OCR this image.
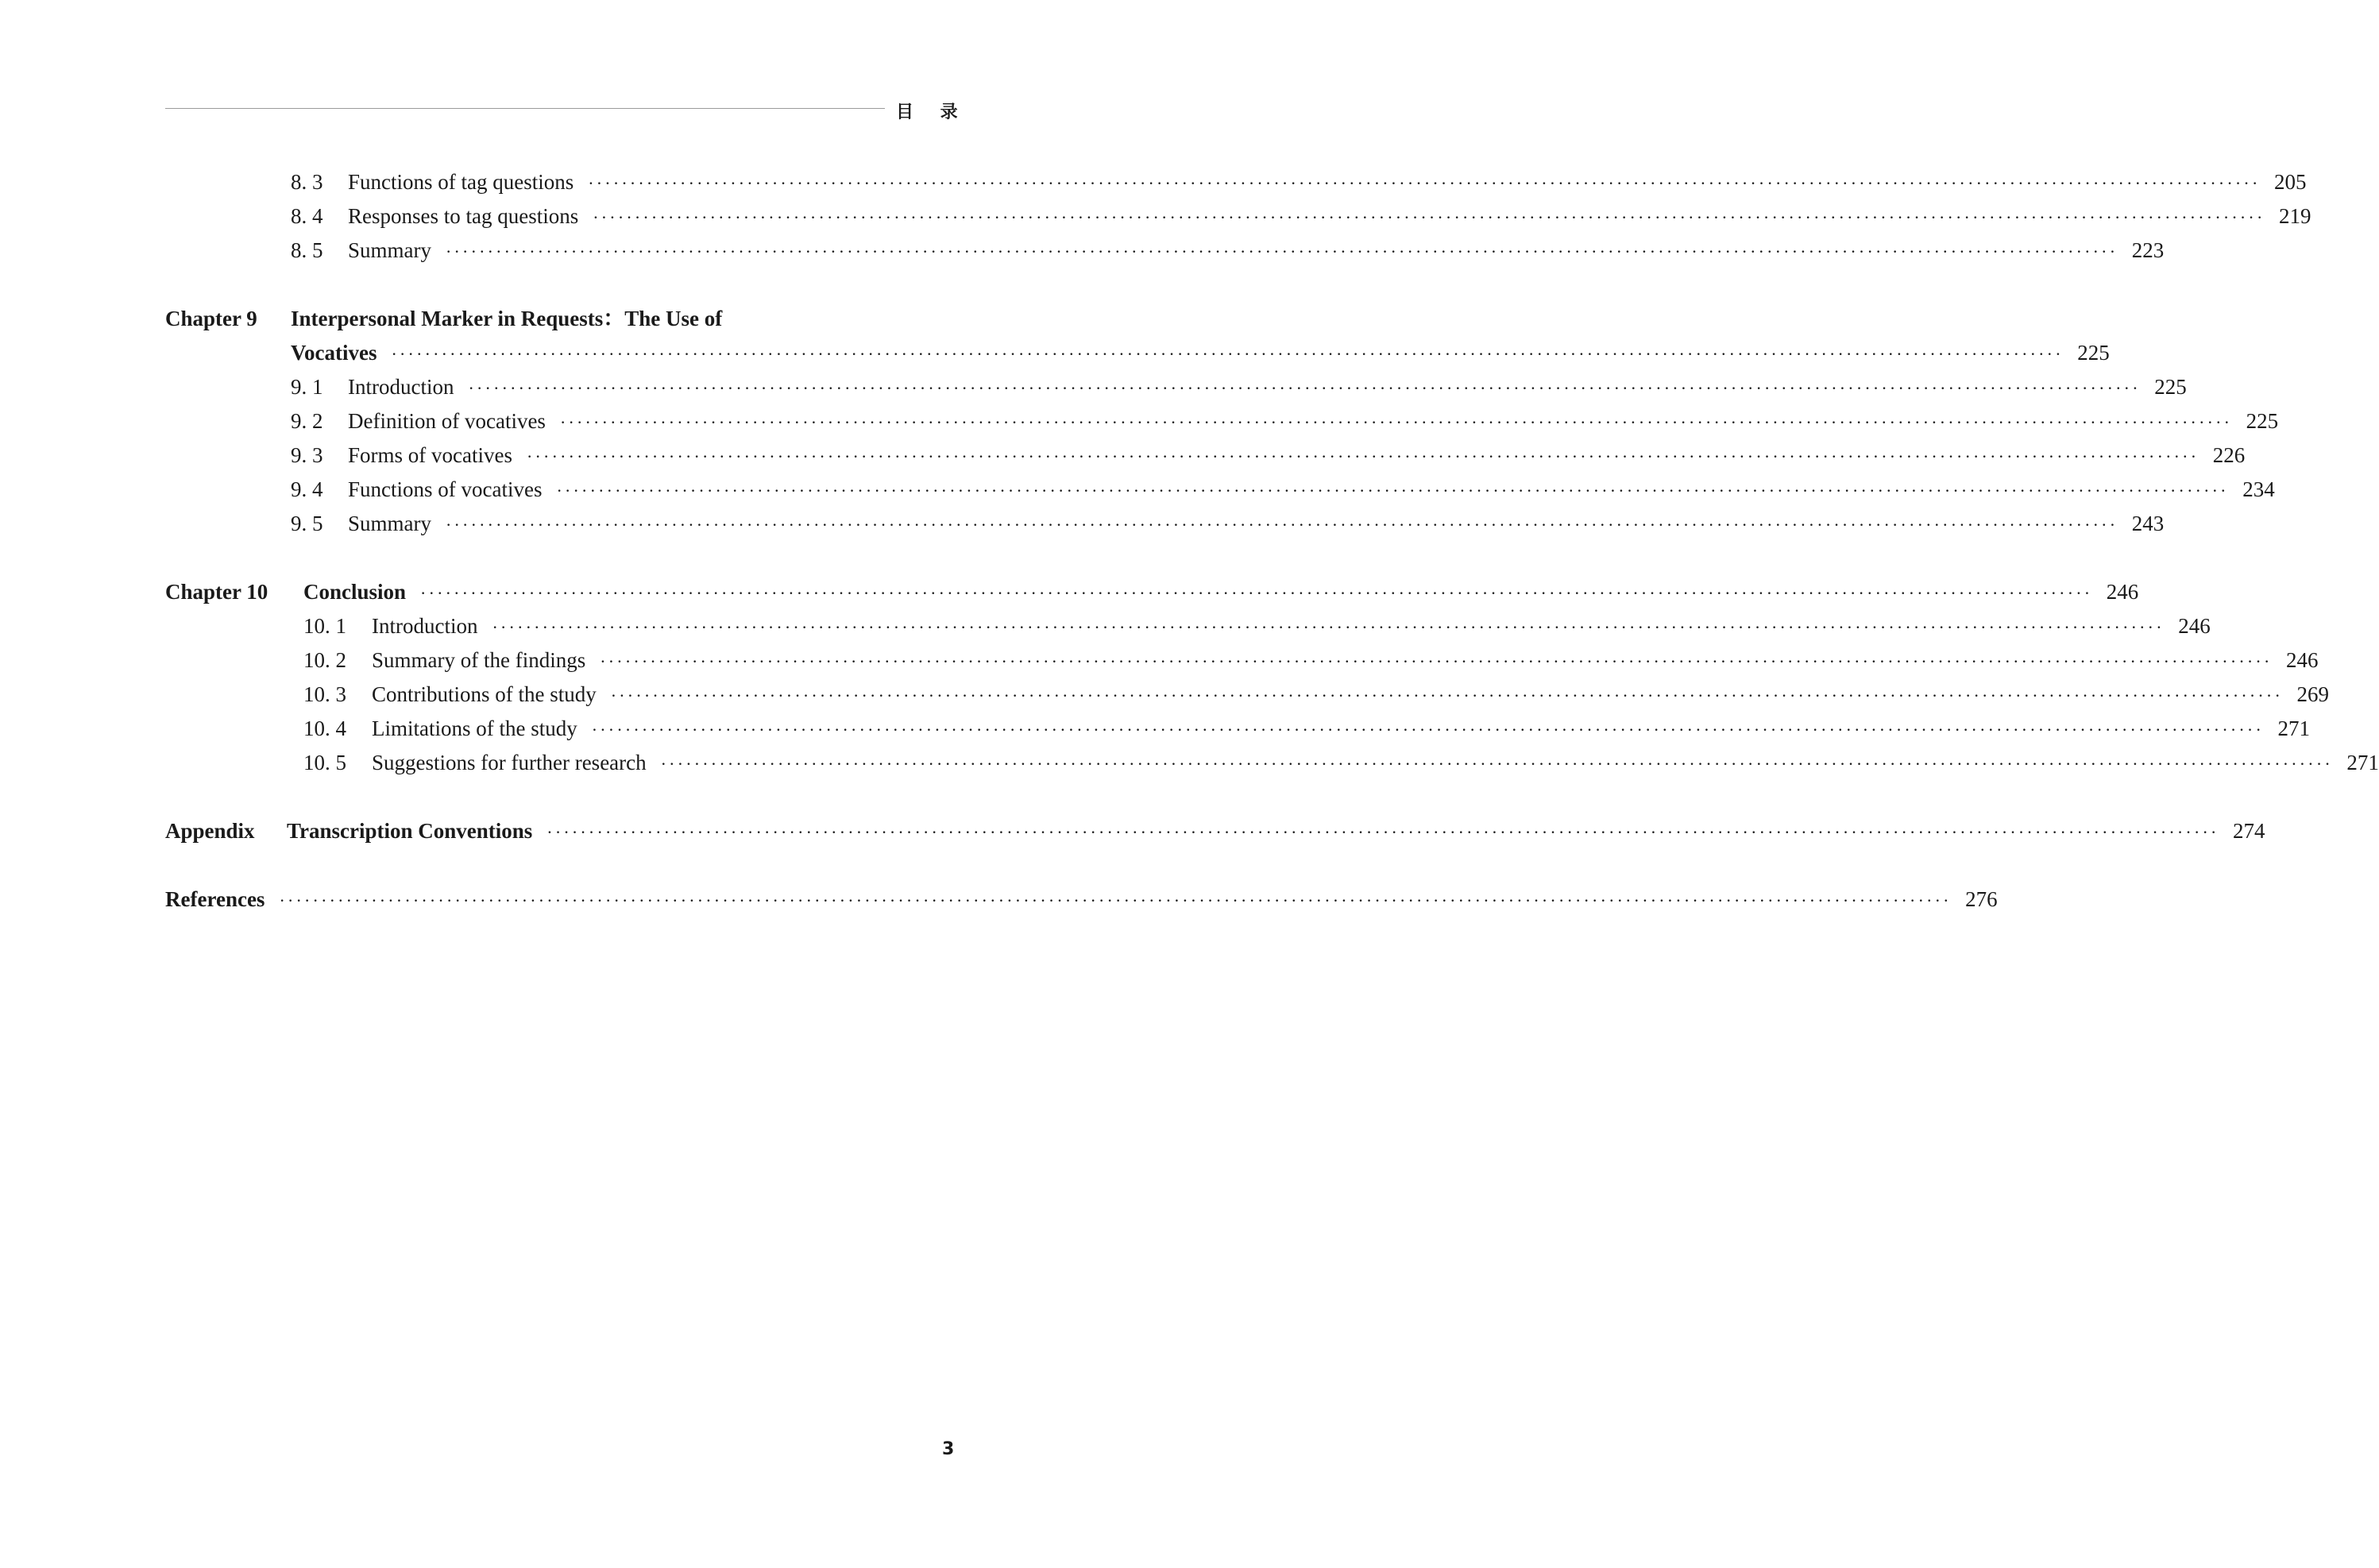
目 录
8. 3	Functions of tag questions ········································································································································································································ 205
8. 4	Responses to tag questions ········································································································································································································ 219
8. 5	Summary ········································································································································································································ 223
Chapter 9	Interpersonal Marker in Requests：The Use of
Vocatives ········································································································································································································ 225
9. 1	Introduction ········································································································································································································ 225
9. 2	Definition of vocatives ········································································································································································································ 225
9. 3	Forms of vocatives ········································································································································································································ 226
9. 4	Functions of vocatives ········································································································································································································ 234
9. 5	Summary ········································································································································································································ 243
Chapter 10	Conclusion ········································································································································································································ 246
10. 1	Introduction ········································································································································································································ 246
10. 2	Summary of the findings ········································································································································································································ 246
10. 3	Contributions of the study ········································································································································································································ 269
10. 4	Limitations of the study ········································································································································································································ 271
10. 5	Suggestions for further research ········································································································································································································ 271
Appendix	Transcription Conventions ········································································································································································································ 274
References ········································································································································································································ 276
3
